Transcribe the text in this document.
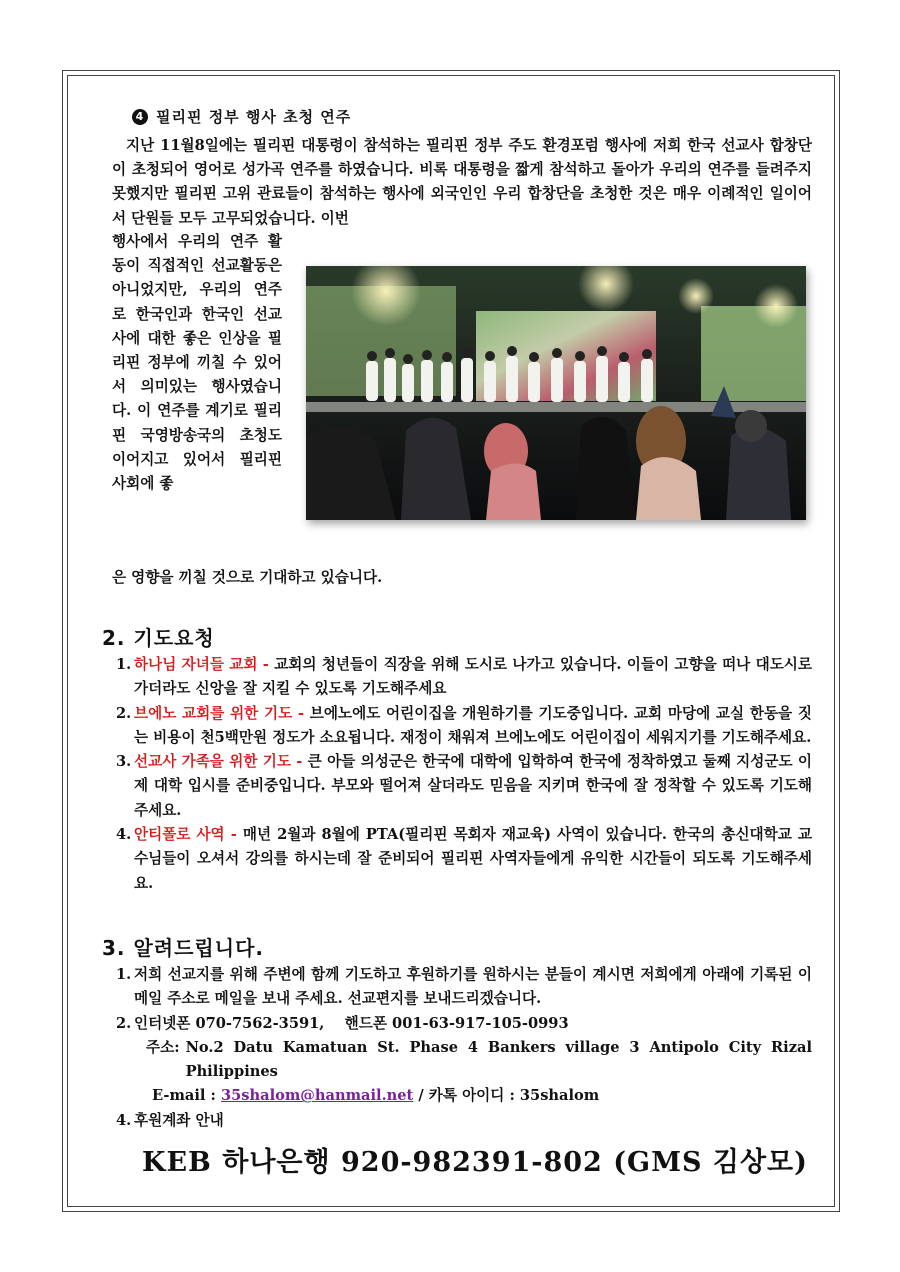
4 필리핀 정부 행사 초청 연주
지난 11월8일에는 필리핀 대통령이 참석하는 필리핀 정부 주도 환경포럼 행사에 저희 한국 선교사 합창단이 초청되어 영어로 성가곡 연주를 하였습니다. 비록 대통령을 짧게 참석하고 돌아가 우리의 연주를 들려주지 못했지만 필리핀 고위 관료들이 참석하는 행사에 외국인인 우리 합창단을 초청한 것은 매우 이례적인 일이어서 단원들 모두 고무되었습니다. 이번
행사에서 우리의 연주 활동이 직접적인 선교활동은 아니었지만, 우리의 연주로 한국인과 한국인 선교사에 대한 좋은 인상을 필리핀 정부에 끼칠 수 있어서 의미있는 행사였습니다. 이 연주를 계기로 필리핀 국영방송국의 초청도 이어지고 있어서 필리핀 사회에 좋
은 영향을 끼칠 것으로 기대하고 있습니다.
2. 기도요청
1. 하나님 자녀들 교회 - 교회의 청년들이 직장을 위해 도시로 나가고 있습니다. 이들이 고향을 떠나 대도시로 가더라도 신앙을 잘 지킬 수 있도록 기도해주세요
2. 브에노 교회를 위한 기도 - 브에노에도 어린이집을 개원하기를 기도중입니다. 교회 마당에 교실 한동을 짓는 비용이 천5백만원 정도가 소요됩니다. 재정이 채워져 브에노에도 어린이집이 세워지기를 기도해주세요.
3. 선교사 가족을 위한 기도 - 큰 아들 의성군은 한국에 대학에 입학하여 한국에 정착하였고 둘째 지성군도 이제 대학 입시를 준비중입니다. 부모와 떨어져 살더라도 믿음을 지키며 한국에 잘 정착할 수 있도록 기도해주세요.
4. 안티폴로 사역 - 매년 2월과 8월에 PTA(필리핀 목회자 재교육) 사역이 있습니다. 한국의 총신대학교 교수님들이 오셔서 강의를 하시는데 잘 준비되어 필리핀 사역자들에게 유익한 시간들이 되도록 기도해주세요.
3. 알려드립니다.
1. 저희 선교지를 위해 주변에 함께 기도하고 후원하기를 원하시는 분들이 계시면 저희에게 아래에 기록된 이메일 주소로 메일을 보내 주세요. 선교편지를 보내드리겠습니다.
2. 인터넷폰 070-7562-3591,    핸드폰 001-63-917-105-0993
주소: No.2 Datu Kamatuan St. Phase 4 Bankers village 3 Antipolo City Rizal Philippines
E-mail : 35shalom@hanmail.net / 카톡 아이디 : 35shalom
4. 후원계좌 안내
KEB 하나은행 920-982391-802 (GMS 김상모)
